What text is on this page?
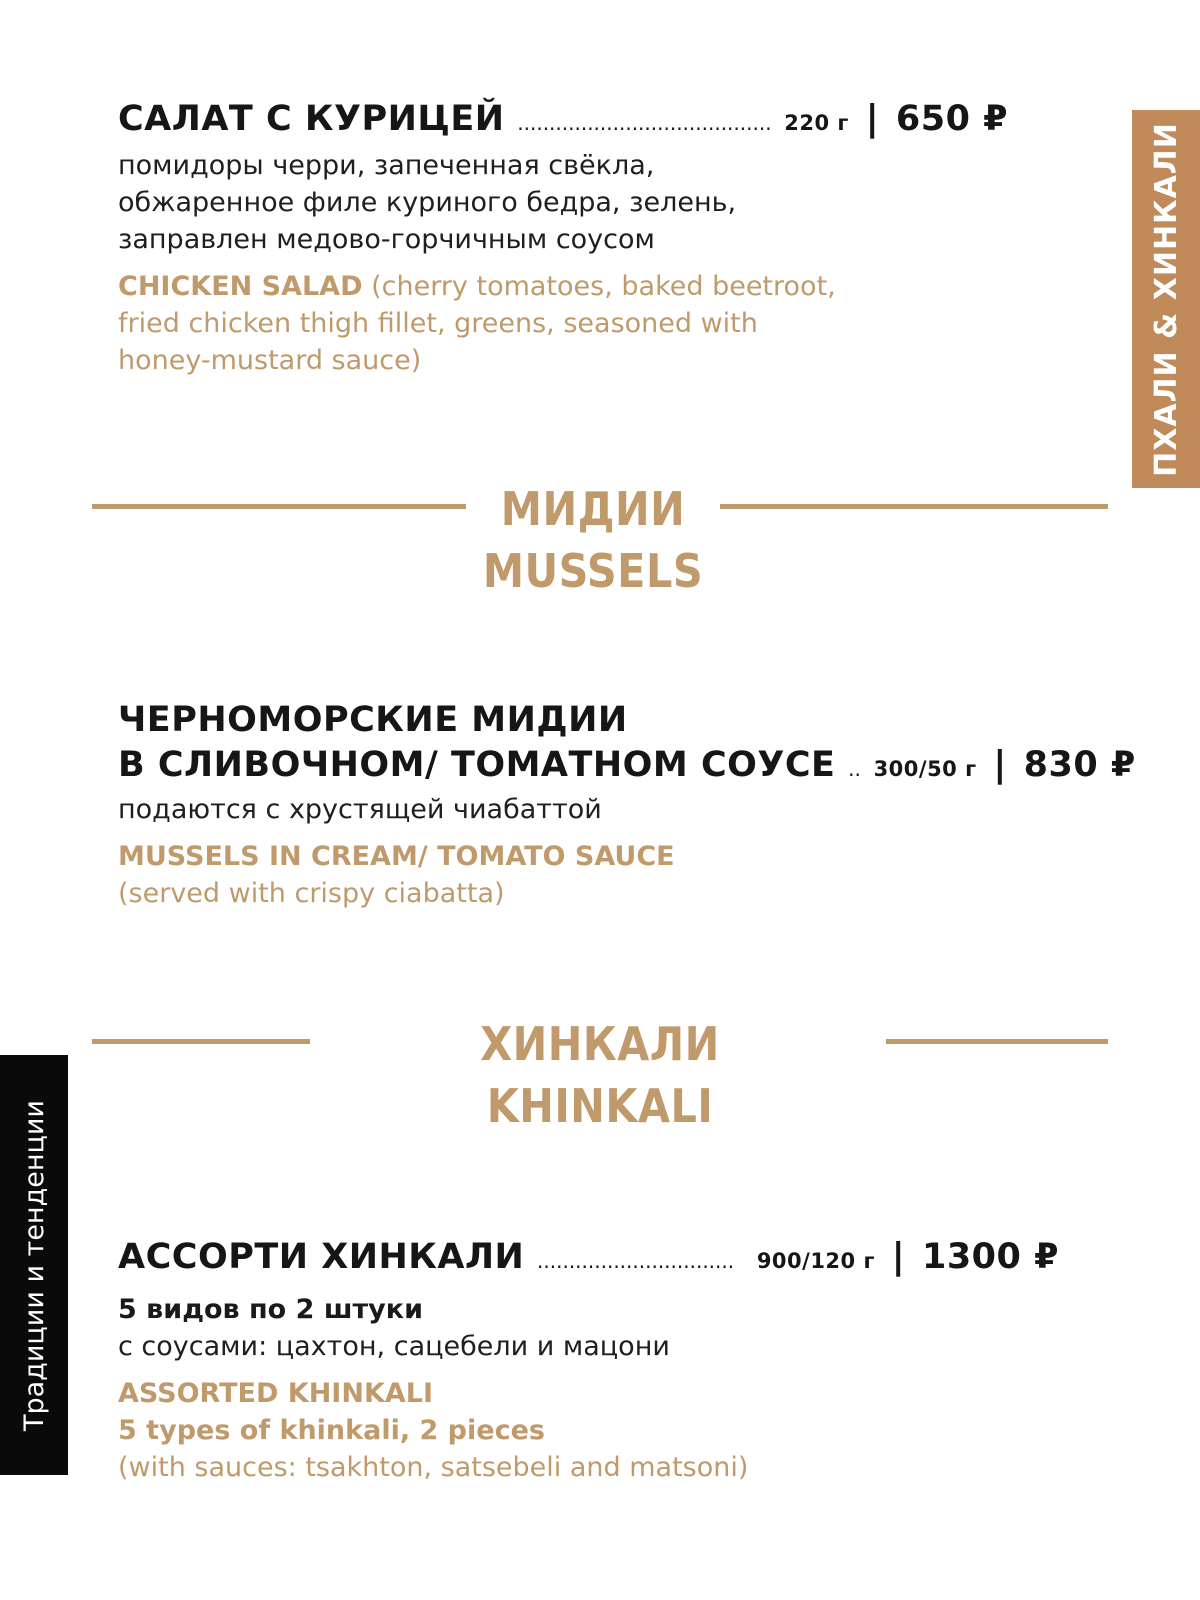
ПХАЛИ & ХИНКАЛИ
Традиции и тенденции
САЛАТ С КУРИЦЕЙ ........................................ 220 г | 650 ₽
помидоры черри, запеченная свёкла,
обжаренное филе куриного бедра, зелень,
заправлен медово-горчичным соусом
CHICKEN SALAD (cherry tomatoes, baked beetroot,
fried chicken thigh fillet, greens, seasoned with
honey-mustard sauce)
МИДИИ
MUSSELS
ЧЕРНОМОРСКИЕ МИДИИ
В СЛИВОЧНОМ/ ТОМАТНОМ СОУСЕ .. 300/50 г | 830 ₽
подаются с хрустящей чиабаттой
MUSSELS IN CREAM/ TOMATO SAUCE
(served with crispy ciabatta)
ХИНКАЛИ
KHINKALI
АССОРТИ ХИНКАЛИ ............................... 900/120 г | 1300 ₽
5 видов по 2 штуки
с соусами: цахтон, сацебели и мацони
ASSORTED KHINKALI
5 types of khinkali, 2 pieces
(with sauces: tsakhton, satsebeli and matsoni)
